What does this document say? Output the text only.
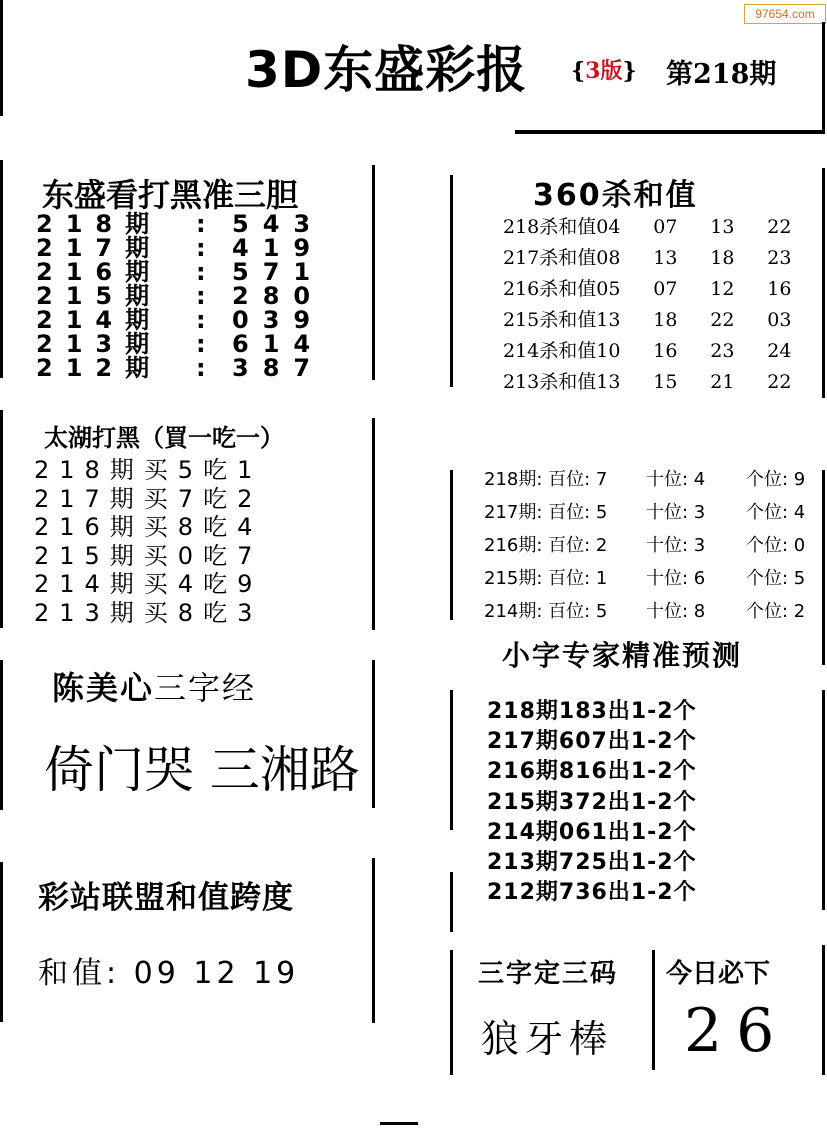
97654.com
3D东盛彩报 {3版} 第218期
东盛看打黑准三胆
218期	:	543
217期	:	419
216期	:	571
215期	:	280
214期	:	039
213期	:	614
212期	:	387
太湖打黑（買一吃一）
218期买5吃1
217期买7吃2
216期买8吃4
215期买0吃7
214期买4吃9
213期买8吃3
陈美心三字经
倚门哭 三湘路
彩站联盟和值跨度
和值: 09 12 19
360杀和值
218杀和值04 07 13 22
217杀和值08 13 18 23
216杀和值05 07 12 16
215杀和值13 18 22 03
214杀和值10 16 23 24
213杀和值13 15 21 22
218期: 百位: 7 十位: 4 个位: 9
217期: 百位: 5 十位: 3 个位: 4
216期: 百位: 2 十位: 3 个位: 0
215期: 百位: 1 十位: 6 个位: 5
214期: 百位: 5 十位: 8 个位: 2
小字专家精准预测
218期183出1-2个
217期607出1-2个
216期816出1-2个
215期372出1-2个
214期061出1-2个
213期725出1-2个
212期736出1-2个
三字定三码
狼牙棒
今日必下
26
